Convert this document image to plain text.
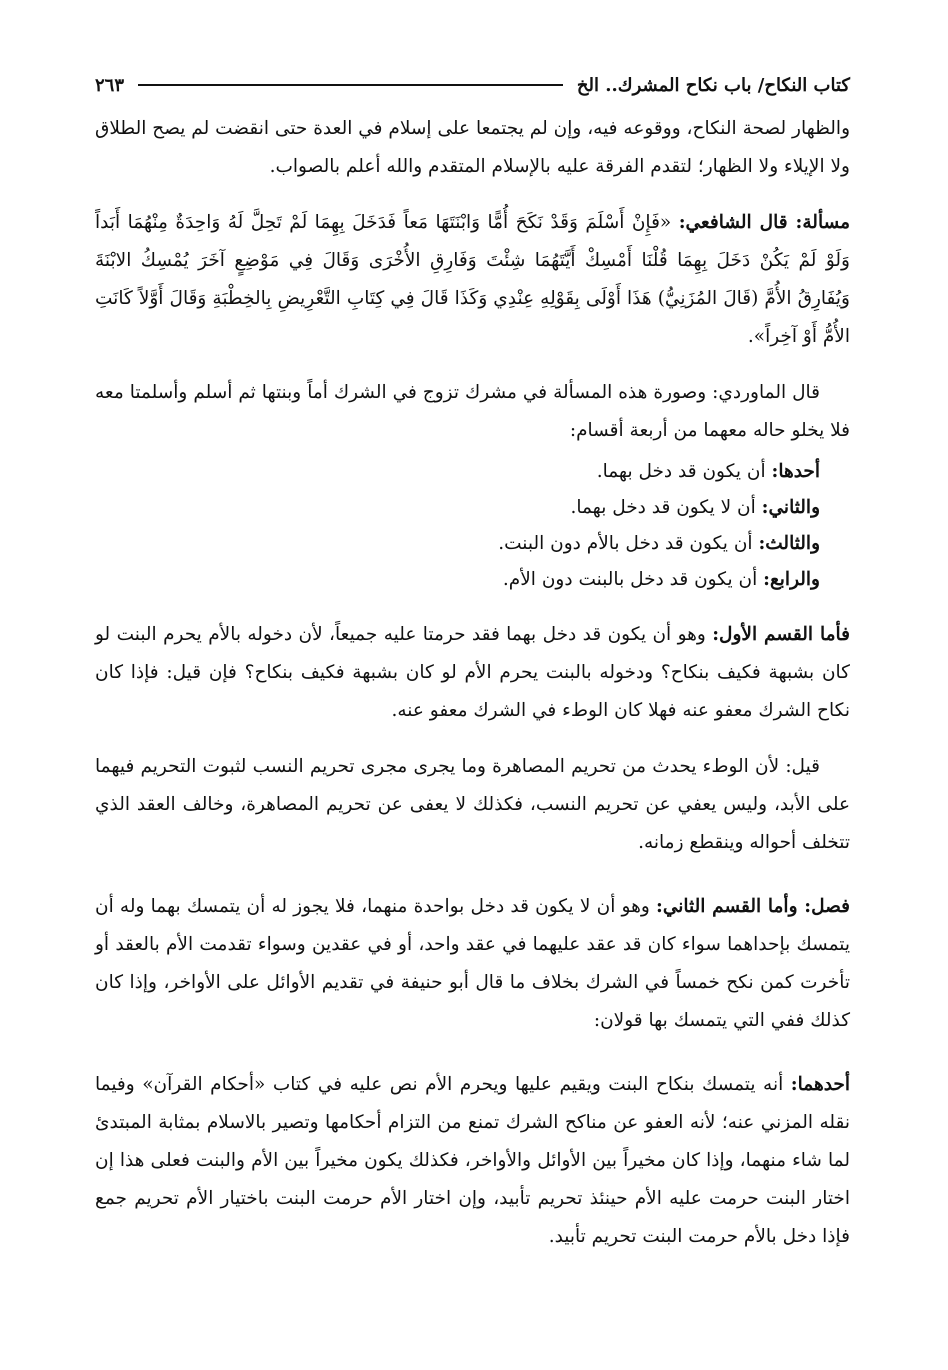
كتاب النكاح/ باب نكاح المشرك.. الخ
٢٦٣

والظهار لصحة النكاح، ووقوعه فيه، وإن لم يجتمعا على إسلام في العدة حتى انقضت لم يصح الطلاق ولا الإيلاء ولا الظهار؛ لتقدم الفرقة عليه بالإسلام المتقدم والله أعلم بالصواب.

مسألة: قال الشافعي: «فَإِنْ أَسْلَمَ وَقَدْ نَكَحَ أُمًّا وَابْنَتَهَا مَعاً فَدَخَلَ بِهِمَا لَمْ تَحِلَّ لَهُ وَاحِدَةٌ مِنْهُمَا أَبَداً وَلَوْ لَمْ يَكُنْ دَخَلَ بِهِمَا قُلْنَا أَمْسِكْ أَيَّتَهُمَا شِئْتَ وَفَارِقِ الأُخْرَى وَقَالَ فِي مَوْضِعٍ آخَرَ يُمْسِكُ الابْنَةَ وَيُفَارِقُ الأُمَّ (قَالَ المُزَنِيُّ) هَذَا أَوْلَى بِقَوْلِهِ عِنْدِي وَكَذَا قَالَ فِي كِتَابِ التَّعْرِيضِ بِالخِطْبَةِ وَقَالَ أَوَّلاً كَانَتِ الأُمُّ أَوْ آخِراً».

قال الماوردي: وصورة هذه المسألة في مشرك تزوج في الشرك أماً وبنتها ثم أسلم وأسلمتا معه فلا يخلو حاله معهما من أربعة أقسام:

أحدها: أن يكون قد دخل بهما.
والثاني: أن لا يكون قد دخل بهما.
والثالث: أن يكون قد دخل بالأم دون البنت.
والرابع: أن يكون قد دخل بالبنت دون الأم.

فأما القسم الأول: وهو أن يكون قد دخل بهما فقد حرمتا عليه جميعاً، لأن دخوله بالأم يحرم البنت لو كان بشبهة فكيف بنكاح؟ ودخوله بالبنت يحرم الأم لو كان بشبهة فكيف بنكاح؟ فإن قيل: فإذا كان نكاح الشرك معفو عنه فهلا كان الوطء في الشرك معفو عنه.

قيل: لأن الوطء يحدث من تحريم المصاهرة وما يجرى مجرى تحريم النسب لثبوت التحريم فيهما على الأبد، وليس يعفي عن تحريم النسب، فكذلك لا يعفى عن تحريم المصاهرة، وخالف العقد الذي تتخلف أحواله وينقطع زمانه.

فصل: وأما القسم الثاني: وهو أن لا يكون قد دخل بواحدة منهما، فلا يجوز له أن يتمسك بهما وله أن يتمسك بإحداهما سواء كان قد عقد عليهما في عقد واحد، أو في عقدين وسواء تقدمت الأم بالعقد أو تأخرت كمن نكح خمساً في الشرك بخلاف ما قال أبو حنيفة في تقديم الأوائل على الأواخر، وإذا كان كذلك ففي التي يتمسك بها قولان:

أحدهما: أنه يتمسك بنكاح البنت ويقيم عليها ويحرم الأم نص عليه في كتاب «أحكام القرآن» وفيما نقله المزني عنه؛ لأنه العفو عن مناكح الشرك تمنع من التزام أحكامها وتصير بالاسلام بمثابة المبتدئ لما شاء منهما، وإذا كان مخيراً بين الأوائل والأواخر، فكذلك يكون مخيراً بين الأم والبنت فعلى هذا إن اختار البنت حرمت عليه الأم حينئذ تحريم تأبيد، وإن اختار الأم حرمت البنت باختيار الأم تحريم جمع فإذا دخل بالأم حرمت البنت تحريم تأبيد.
